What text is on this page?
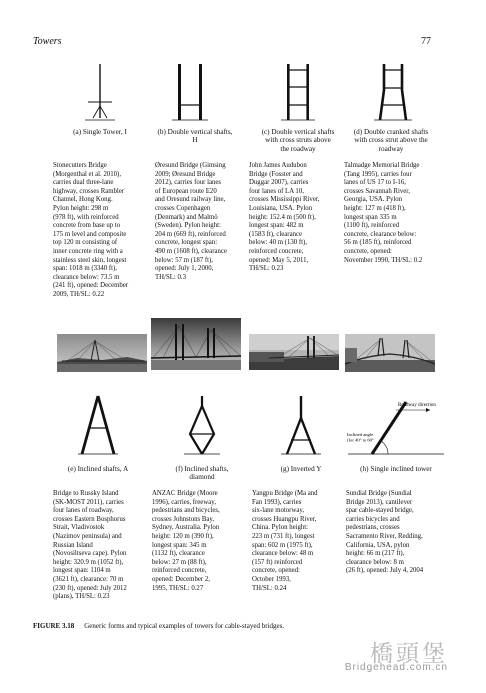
Towers	77
(a) Single Tower, I	(b) Double vertical shafts,
H
(c) Double vertical shafts
with cross struts above
the roadway
(d) Double cranked shafts
with cross strut above the
roadway
Stonecutters Bridge
(Morgenthal et al. 2010),
carries dual three-lane
highway, crosses Rambler
Channel, Hong Kong.
Pylon height: 298 m
(978 ft), with reinforced
concrete from base up to
175 m level and composite
top 120 m consisting of
inner concrete ring with a
stainless steel skin, longest
span: 1018 m (3340 ft),
clearance below: 73.5 m
(241 ft), opened: December
2009, TH/SL: 0.22
Øresund Bridge (Gimsing
2009; Øresund Bridge
2012), carries four lanes
of European route E20
and Oresund railway line,
crosses Copenhagen
(Denmark) and Malmö
(Sweden). Pylon height:
204 m (669 ft), reinforced
concrete, longest span:
490 m (1608 ft), clearance
below: 57 m (187 ft),
opened: July 1, 2000,
TH/SL: 0.3
John James Audubon
Bridge (Fosster and
Duggar 2007), carries
four lanes of LA 10,
crosses Mississippi River,
Louisiana, USA. Pylon
height: 152.4 m (500 ft),
longest span: 482 m
(1583 ft), clearance
below: 40 m (130 ft),
reinforced concrete,
opened: May 5, 2011,
TH/SL: 0.23
Talmadge Memorial Bridge
(Tang 1995), carries four
lanes of US 17 to I-16,
crosses Savannah River,
Georgia, USA. Pylon
height: 127 m (418 ft),
longest span 335 m
(1100 ft), reinforced
concrete, clearance below:
56 m (185 ft), reinforced
concrete, opened:
November 1990, TH/SL: 0.2
Roadway direction
Inclined angle (for 40° to 60°
(e) Inclined shafts, A	(f) Inclined shafts,
diamond
(g) Inverted Y	(h) Single inclined tower
Bridge to Russky Island
(SK-MOST 2011), carries
four lanes of roadway,
crosses Eastern Bosphorus
Strait, Vladivostok
(Nazimov peninsula) and
Russian Island
(Novosiltseva cape). Pylon
height: 320.9 m (1052 ft),
longest span: 1104 m
(3621 ft), clearance: 70 m
(230 ft), opened: July 2012
(plans), TH/SL: 0.23
ANZAC Bridge (Moore
1996), carries, freeway,
pedestrians and bicycles,
crosses Johnstons Bay,
Sydney, Australia. Pylon
height: 120 m (390 ft),
longest span: 345 m
(1132 ft), clearance
below: 27 m (88 ft),
reinforced concrete,
opened: December 2,
1995, TH/SL: 0.27
Yangpu Bridge (Ma and
Fan 1993), carries
six-lane motorway,
crosses Huangpu River,
China. Pylon height:
223 m (731 ft), longest
span: 602 m (1975 ft),
clearance below: 48 m
(157 ft) reinforced
concrete, opened:
October 1993,
TH/SL: 0.24
Sundial Bridge (Sundial
Bridge 2013), cantilever
spar cable-stayed bridge,
carries bicycles and
pedestrians, crosses
Sacramento River, Redding,
California, USA, pylon
height: 66 m (217 ft),
clearance below: 8 m
(26 ft), opened: July 4, 2004
FIGURE 3.18 Generic forms and typical examples of towers for cable-stayed bridges.
橋頭堡
Bridgehead.com.cn
